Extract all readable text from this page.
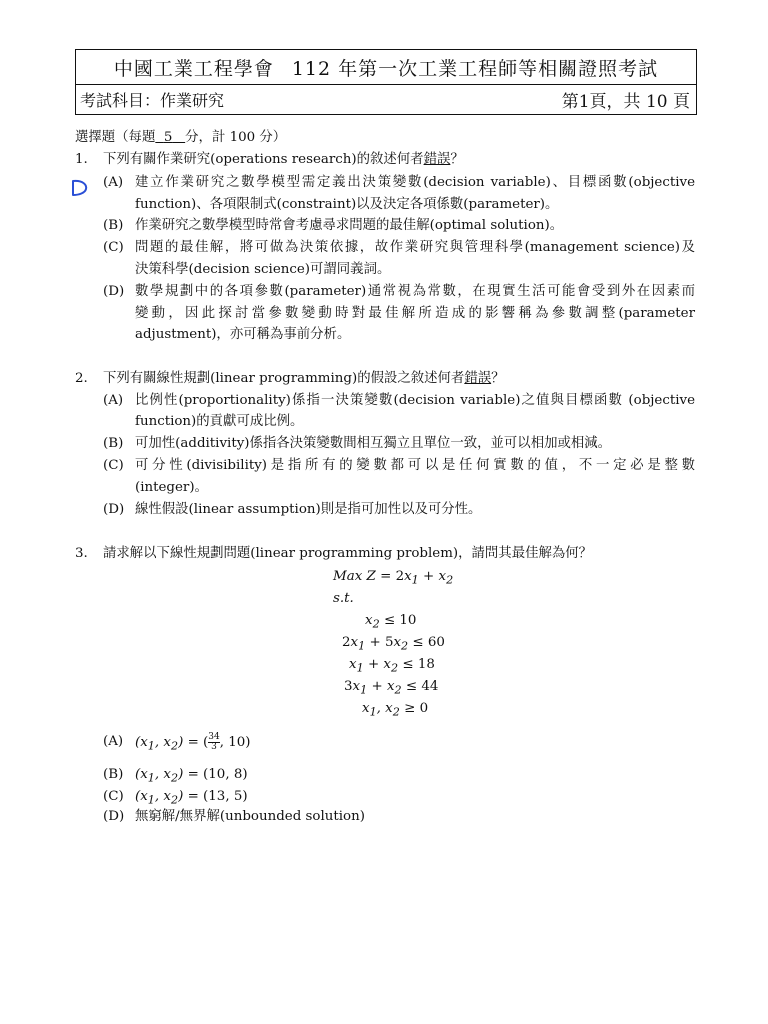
中國工業工程學會 112 年第一次工業工程師等相關證照考試
考試科目：作業研究	第1頁，共 10 頁
選擇題（每題 5 分，計 100 分）
1. 下列有關作業研究(operations research)的敘述何者錯誤？
(A) 建立作業研究之數學模型需定義出決策變數(decision variable)、目標函數(objective
function)、各項限制式(constraint)以及決定各項係數(parameter)。
(B) 作業研究之數學模型時常會考慮尋求問題的最佳解(optimal solution)。
(C) 問題的最佳解，將可做為決策依據，故作業研究與管理科學(management science)及
決策科學(decision science)可謂同義詞。
(D) 數學規劃中的各項參數(parameter)通常視為常數，在現實生活可能會受到外在因素而
變動，因此探討當參數變動時對最佳解所造成的影響稱為參數調整(parameter
adjustment)，亦可稱為事前分析。
2. 下列有關線性規劃(linear programming)的假設之敘述何者錯誤？
(A) 比例性(proportionality)係指一決策變數(decision variable)之值與目標函數 (objective
function)的貢獻可成比例。
(B) 可加性(additivity)係指各決策變數間相互獨立且單位一致，並可以相加或相減。
(C) 可分性(divisibility)是指所有的變數都可以是任何實數的值，不一定必是整數
(integer)。
(D) 線性假設(linear assumption)則是指可加性以及可分性。
3. 請求解以下線性規劃問題(linear programming problem)，請問其最佳解為何？
Max $Z = 2x_1 + x_2$
s.t.
$x_2 \le 10$
$2x_1 + 5x_2 \le 60$
$x_1 + x_2 \le 18$
$3x_1 + x_2 \le 44$
$x_1$, $x_2 \ge 0$
(A) ($x_1$, $x_2$) = ( $\frac{34}{3}$ , 10)
(B) ($x_1$, $x_2) = (10$, 8)
(C) ($x_1$, $x_2) = (13$, 5)
(D) 無窮解/無界解(unbounded solution)
